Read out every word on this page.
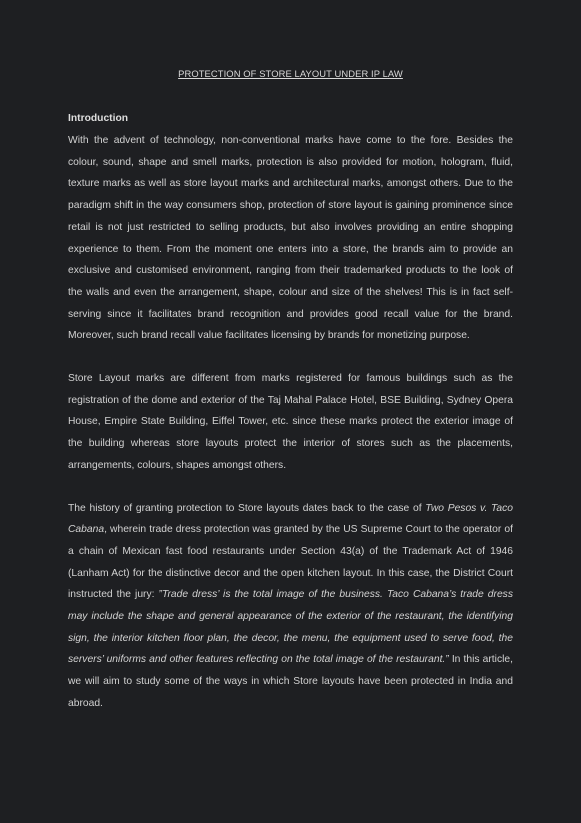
PROTECTION OF STORE LAYOUT UNDER IP LAW
Introduction

With the advent of technology, non-conventional marks have come to the fore. Besides the colour, sound, shape and smell marks, protection is also provided for motion, hologram, fluid, texture marks as well as store layout marks and architectural marks, amongst others. Due to the paradigm shift in the way consumers shop, protection of store layout is gaining prominence since retail is not just restricted to selling products, but also involves providing an entire shopping experience to them. From the moment one enters into a store, the brands aim to provide an exclusive and customised environment, ranging from their trademarked products to the look of the walls and even the arrangement, shape, colour and size of the shelves! This is in fact self-serving since it facilitates brand recognition and provides good recall value for the brand. Moreover, such brand recall value facilitates licensing by brands for monetizing purpose.

Store Layout marks are different from marks registered for famous buildings such as the registration of the dome and exterior of the Taj Mahal Palace Hotel, BSE Building, Sydney Opera House, Empire State Building, Eiffel Tower, etc. since these marks protect the exterior image of the building whereas store layouts protect the interior of stores such as the placements, arrangements, colours, shapes amongst others.

The history of granting protection to Store layouts dates back to the case of Two Pesos v. Taco Cabana, wherein trade dress protection was granted by the US Supreme Court to the operator of a chain of Mexican fast food restaurants under Section 43(a) of the Trademark Act of 1946 (Lanham Act) for the distinctive decor and the open kitchen layout. In this case, the District Court instructed the jury: ”Trade dress’ is the total image of the business. Taco Cabana’s trade dress may include the shape and general appearance of the exterior of the restaurant, the identifying sign, the interior kitchen floor plan, the decor, the menu, the equipment used to serve food, the servers’ uniforms and other features reflecting on the total image of the restaurant.” In this article, we will aim to study some of the ways in which Store layouts have been protected in India and abroad.
